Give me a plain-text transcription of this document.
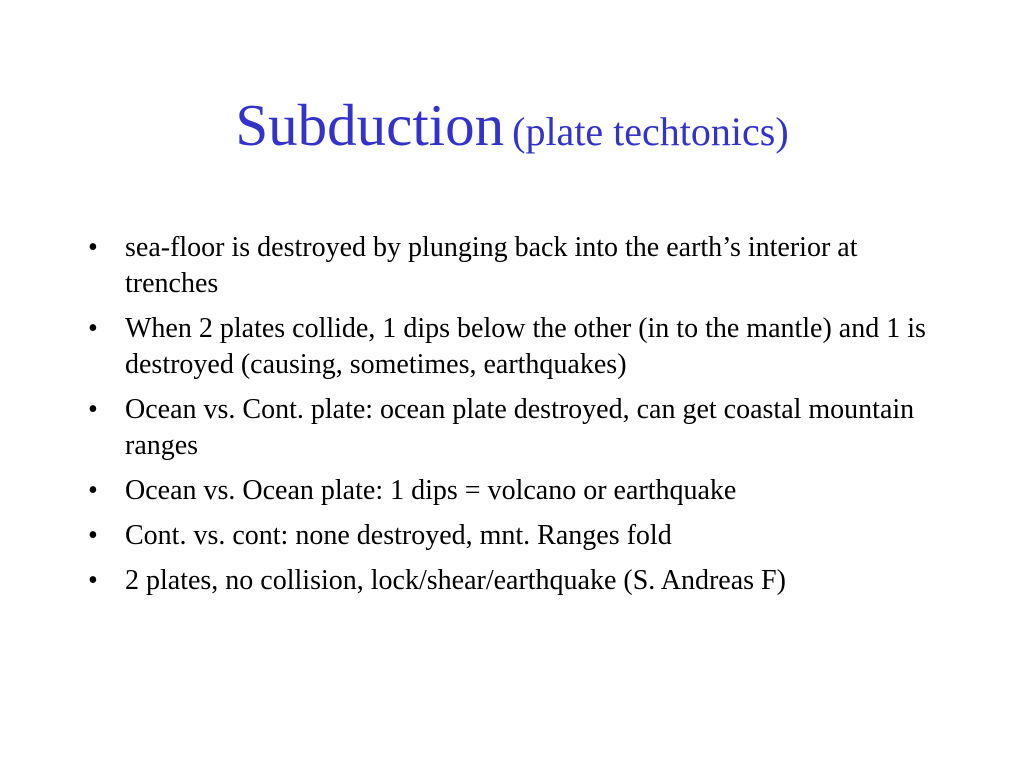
Subduction (plate techtonics)
• sea-floor is destroyed by plunging back into the earth’s interior at trenches
• When 2 plates collide, 1 dips below the other (in to the mantle) and 1 is destroyed (causing, sometimes, earthquakes)
• Ocean vs. Cont. plate: ocean plate destroyed, can get coastal mountain ranges
• Ocean vs. Ocean plate: 1 dips = volcano or earthquake
• Cont. vs. cont: none destroyed, mnt. Ranges fold
• 2 plates, no collision, lock/shear/earthquake (S. Andreas F)
